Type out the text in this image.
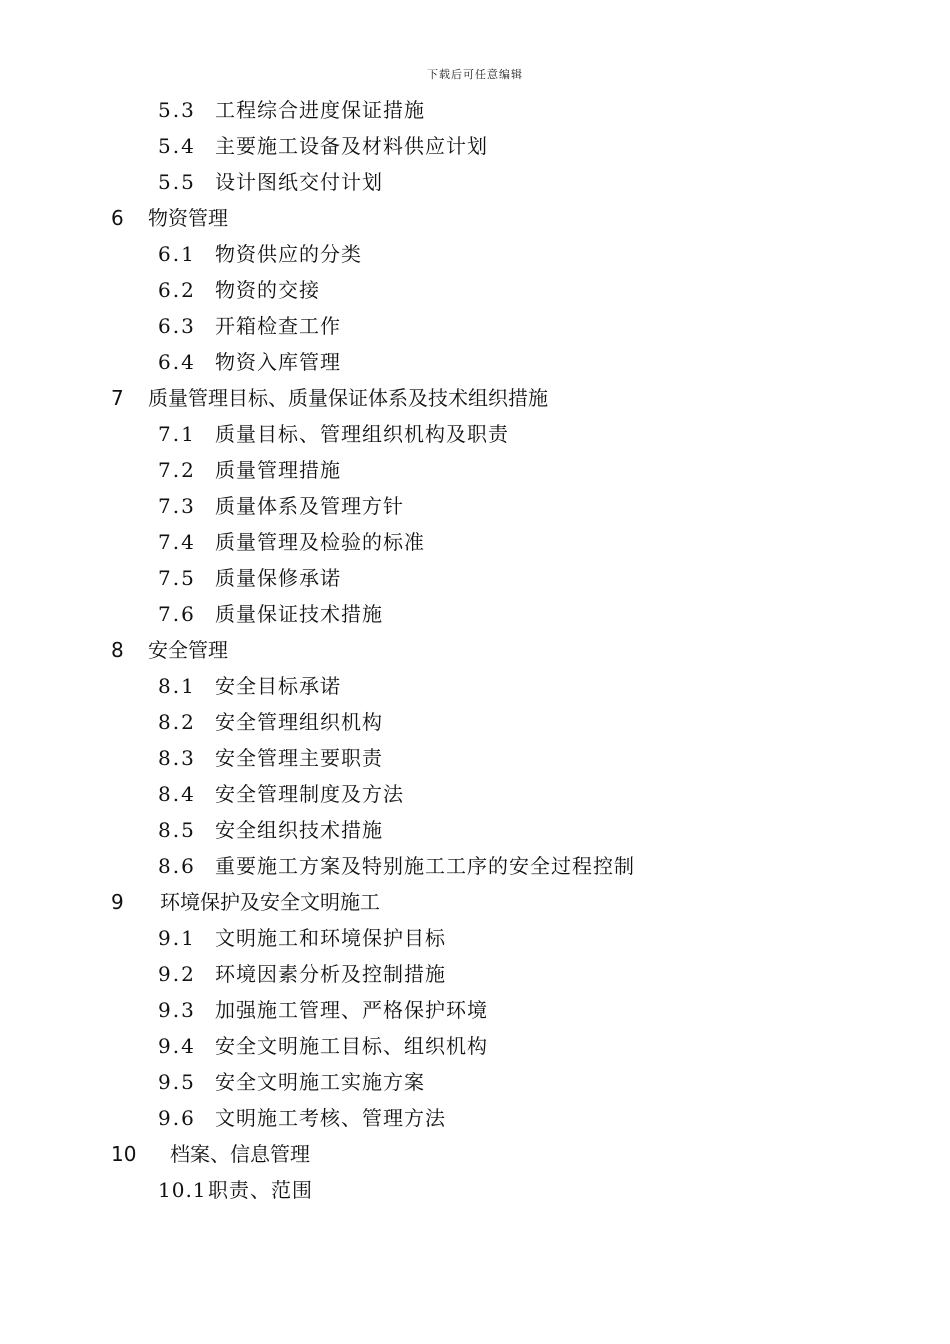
下载后可任意编辑
5.3 工程综合进度保证措施
5.4 主要施工设备及材料供应计划
5.5 设计图纸交付计划
6 物资管理
6.1 物资供应的分类
6.2 物资的交接
6.3 开箱检查工作
6.4 物资入库管理
7 质量管理目标、质量保证体系及技术组织措施
7.1 质量目标、管理组织机构及职责
7.2 质量管理措施
7.3 质量体系及管理方针
7.4 质量管理及检验的标准
7.5 质量保修承诺
7.6 质量保证技术措施
8 安全管理
8.1 安全目标承诺
8.2 安全管理组织机构
8.3 安全管理主要职责
8.4 安全管理制度及方法
8.5 安全组织技术措施
8.6 重要施工方案及特别施工工序的安全过程控制
9 环境保护及安全文明施工
9.1 文明施工和环境保护目标
9.2 环境因素分析及控制措施
9.3 加强施工管理、严格保护环境
9.4 安全文明施工目标、组织机构
9.5 安全文明施工实施方案
9.6 文明施工考核、管理方法
10 档案、信息管理
10.1 职责、范围
